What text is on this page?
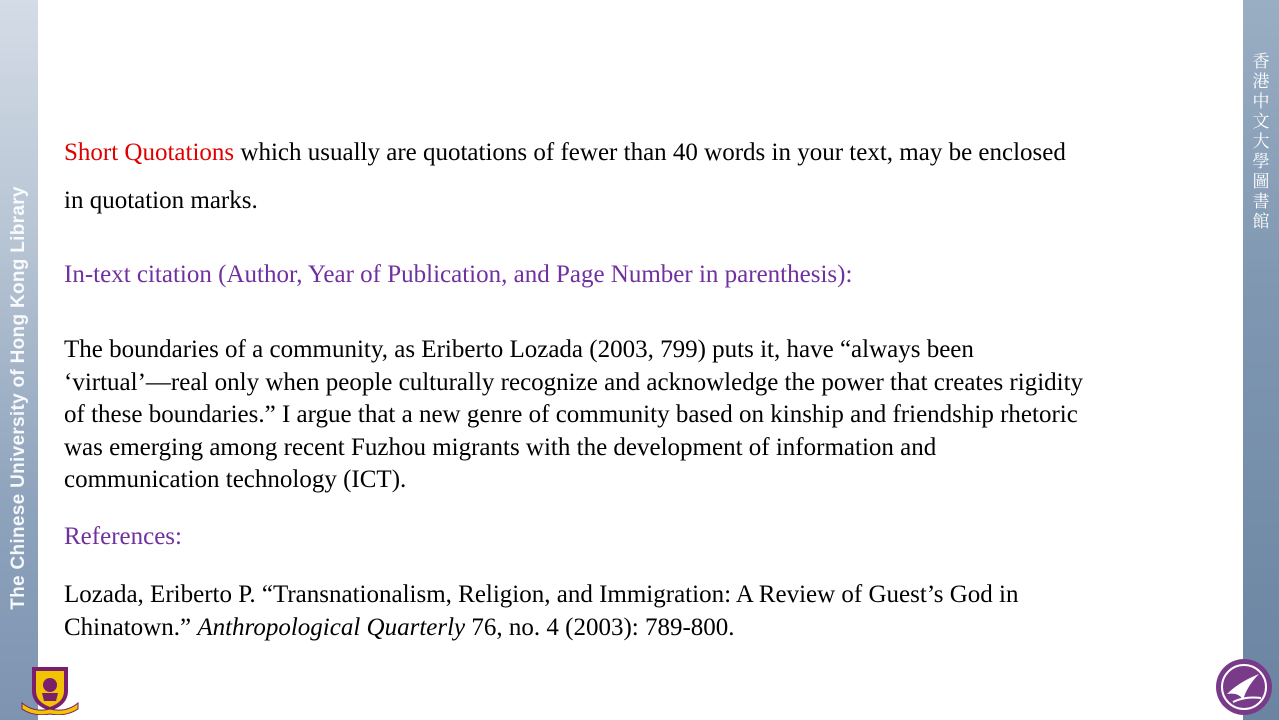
The Chinese University of Hong Kong Library
香
港
中
文
大
學
圖
書
館

Short Quotations which usually are quotations of fewer than 40 words in your text, may be enclosed

in quotation marks.

In-text citation (Author, Year of Publication, and Page Number in parenthesis):

The boundaries of a community, as Eriberto Lozada (2003, 799) puts it, have “always been
‘virtual’—real only when people culturally recognize and acknowledge the power that creates rigidity
of these boundaries.” I argue that a new genre of community based on kinship and friendship rhetoric
was emerging among recent Fuzhou migrants with the development of information and
communication technology (ICT).

References:

Lozada, Eriberto P. “Transnationalism, Religion, and Immigration: A Review of Guest’s God in
Chinatown.” Anthropological Quarterly 76, no. 4 (2003): 789-800.
